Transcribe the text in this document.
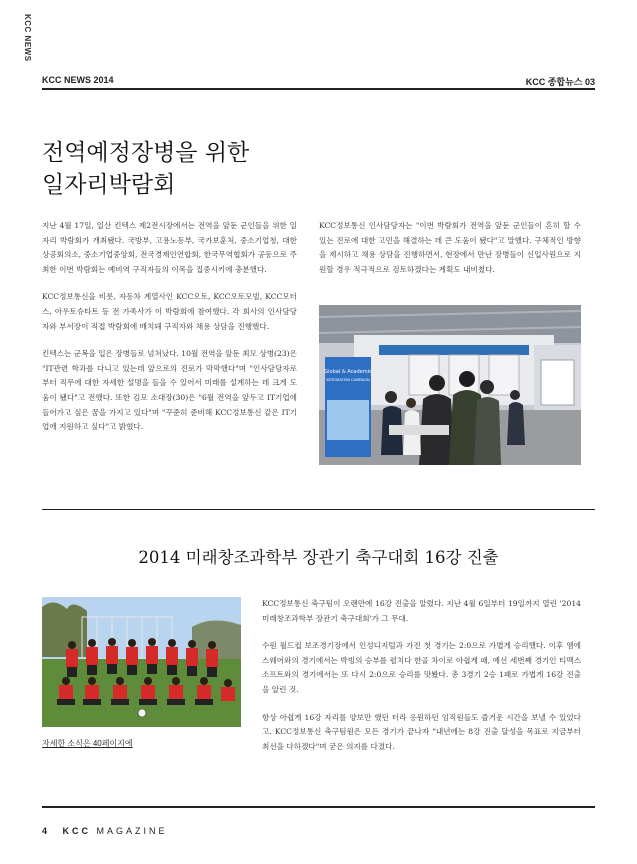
KCC NEWS
KCC NEWS 2014	KCC 종합뉴스 03
전역예정장병을 위한
일자리박람회

지난 4월 17일, 일산 킨텍스 제2전시장에서는 전역을 앞둔 군인들을 위한 일자리 박람회가 개최됐다. 국방부, 고용노동부, 국가보훈처, 중소기업청, 대한상공회의소, 중소기업중앙회, 전국경제인연합회, 한국무역협회가 공동으로 주최한 이번 박람회는 예비역 구직자들의 이목을 집중시키에 충분했다.

KCC정보통신을 비롯, 자동차 계열사인 KCC오토, KCC오토모빌, KCC모터스, 아우토슈타트 등 전 가족사가 이 박람회에 참여했다. 각 회사의 인사담당자와 부서장이 직접 박람회에 배치돼 구직자와 채용 상담을 진행했다.

킨텍스는 군복을 입은 장병들로 넘쳐났다. 10월 전역을 앞둔 최모 상병(23)은 "IT관련 학과를 다니고 있는데 앞으로의 진로가 막막했다"며 "인사담당자로부터 직무에 대한 자세한 설명을 들을 수 있어서 미래를 설계하는 데 크게 도움이 됐다"고 전했다. 또한 김모 소대장(30)은 "6월 전역을 앞두고 IT기업에 들어가고 싶은 꿈을 가지고 있다"며 "꾸준히 준비해 KCC정보통신 같은 IT기업에 지원하고 싶다"고 밝혔다.

KCC정보통신 인사담당자는 "이번 박람회가 전역을 앞둔 군인들이 흔히 할 수 있는 진로에 대한 고민을 해결하는 데 큰 도움이 됐다"고 말했다. 구체적인 방향을 제시하고 채용 상담을 진행하면서, 현장에서 만난 장병들이 신입사원으로 지원할 경우 적극적으로 검토하겠다는 계획도 내비쳤다.

Global & Academic
INTEGRATION CAMPAIGN
2014 미래창조과학부 장관기 축구대회 16강 진출
자세한 소식은 40페이지에

KCC정보통신 축구팀이 오랜만에 16강 진출을 알렸다. 지난 4월 6일부터 19일까지 열린 '2014 미래창조과학부 장관기 축구대회'가 그 무대.

수원 월드컵 보조경기장에서 인성디지털과 가진 첫 경기는 2:0으로 가볍게 승리했다. 이후 엠에스웨어와의 경기에서는 박빙의 승부를 펼치다 한골 차이로 아쉽게 패, 예선 세번째 경기인 티맥스소프트와의 경기에서는 또 다시 2:0으로 승리를 맛봤다. 총 3경기 2승 1패로 가볍게 16강 진출을 알린 것.

항상 아쉽게 16강 자리를 양보만 했던 터라 응원하던 임직원들도 즐거운 시간을 보낼 수 있었다고. KCC정보통신 축구팀원은 모든 경기가 끝나자 "내년에는 8강 진출 달성을 목표로 지금부터 최선을 다하겠다"며 굳은 의지를 다졌다.

4 KCC MAGAZINE
